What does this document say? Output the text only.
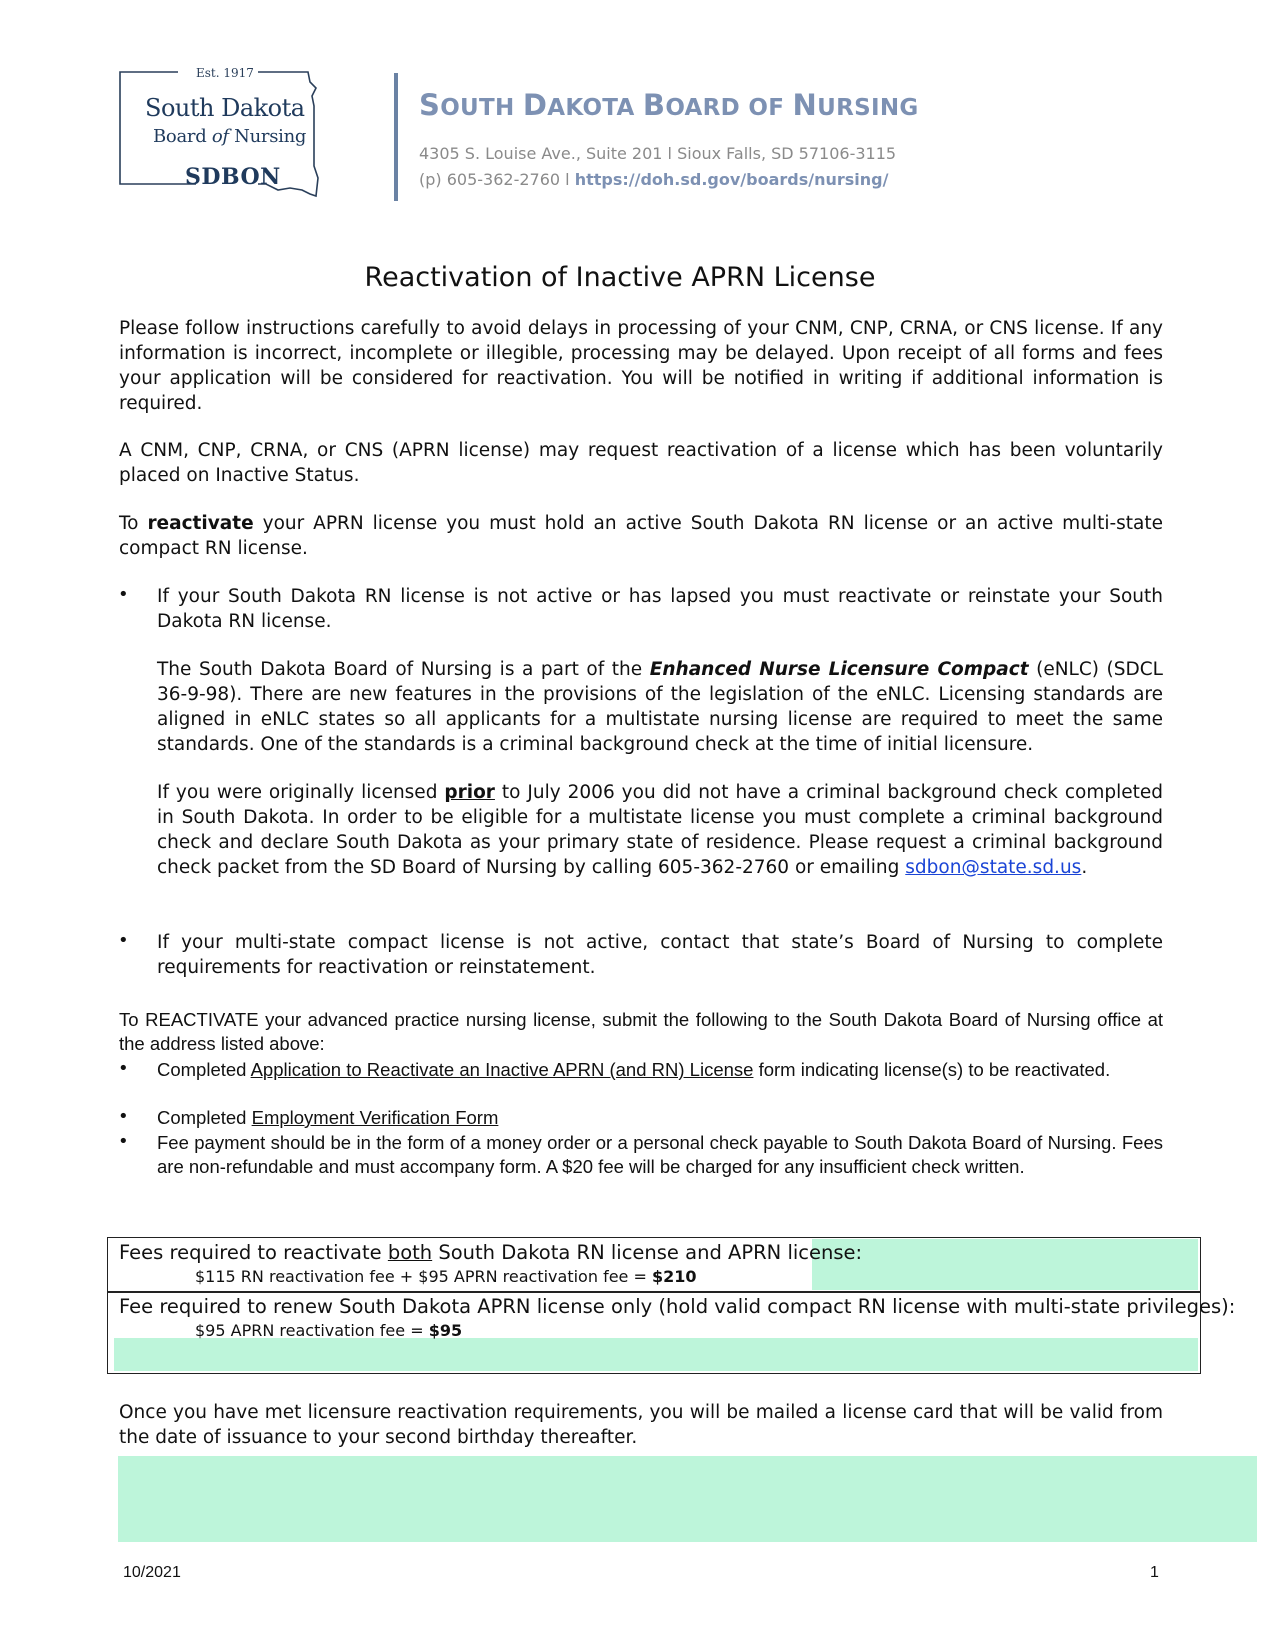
Est. 1917
South Dakota
Board of Nursing
SDBON
SOUTH DAKOTA BOARD OF NURSING
4305 S. Louise Ave., Suite 201 l Sioux Falls, SD 57106-3115
(p) 605-362-2760 l https://doh.sd.gov/boards/nursing/
Reactivation of Inactive APRN License
Please follow instructions carefully to avoid delays in processing of your CNM, CNP, CRNA, or CNS license. If any information is incorrect, incomplete or illegible, processing may be delayed. Upon receipt of all forms and fees your application will be considered for reactivation. You will be notified in writing if additional information is required.
A CNM, CNP, CRNA, or CNS (APRN license) may request reactivation of a license which has been voluntarily placed on Inactive Status.
To reactivate your APRN license you must hold an active South Dakota RN license or an active multi-state compact RN license.
• If your South Dakota RN license is not active or has lapsed you must reactivate or reinstate your South Dakota RN license.
The South Dakota Board of Nursing is a part of the Enhanced Nurse Licensure Compact (eNLC) (SDCL 36-9-98). There are new features in the provisions of the legislation of the eNLC. Licensing standards are aligned in eNLC states so all applicants for a multistate nursing license are required to meet the same standards. One of the standards is a criminal background check at the time of initial licensure.
If you were originally licensed prior to July 2006 you did not have a criminal background check completed in South Dakota. In order to be eligible for a multistate license you must complete a criminal background check and declare South Dakota as your primary state of residence. Please request a criminal background check packet from the SD Board of Nursing by calling 605-362-2760 or emailing sdbon@state.sd.us.
• If your multi-state compact license is not active, contact that state’s Board of Nursing to complete requirements for reactivation or reinstatement.
To REACTIVATE your advanced practice nursing license, submit the following to the South Dakota Board of Nursing office at the address listed above:
• Completed Application to Reactivate an Inactive APRN (and RN) License form indicating license(s) to be reactivated.
• Completed Employment Verification Form
• Fee payment should be in the form of a money order or a personal check payable to South Dakota Board of Nursing. Fees are non-refundable and must accompany form. A $20 fee will be charged for any insufficient check written.
Fees required to reactivate both South Dakota RN license and APRN license:
$115 RN reactivation fee + $95 APRN reactivation fee = $210
Fee required to renew South Dakota APRN license only (hold valid compact RN license with multi-state privileges):
$95 APRN reactivation fee = $95
Once you have met licensure reactivation requirements, you will be mailed a license card that will be valid from the date of issuance to your second birthday thereafter.
10/2021	1
